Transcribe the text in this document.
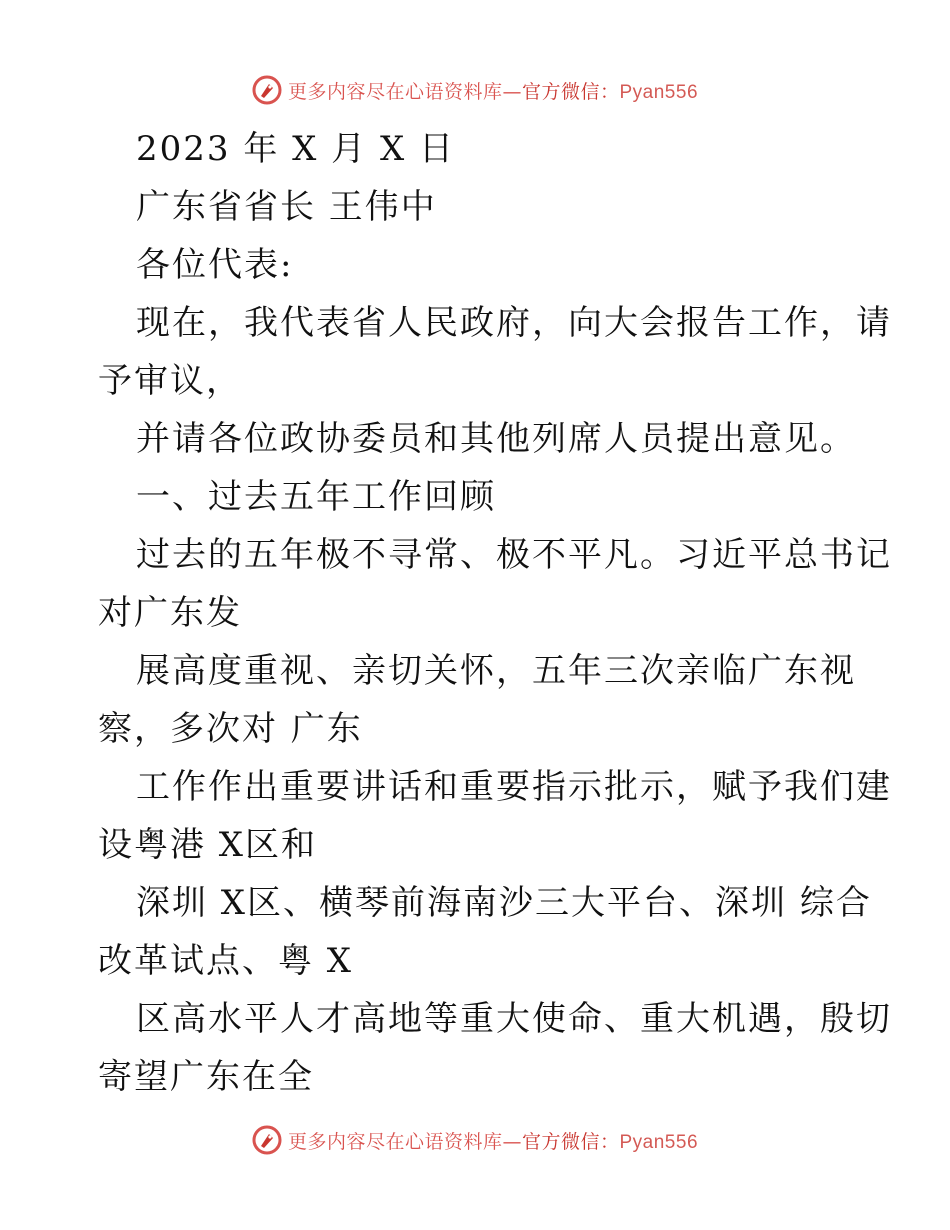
更多内容尽在心语资料库—官方微信：Pyan556
2023 年 X 月 X 日
广东省省长 王伟中
各位代表:
现在，我代表省人民政府，向大会报告工作，请
予审议，
并请各位政协委员和其他列席人员提出意见。
一、过去五年工作回顾
过去的五年极不寻常、极不平凡。习近平总书记
对广东发
展高度重视、亲切关怀，五年三次亲临广东视
察，多次对 广东
工作作出重要讲话和重要指示批示，赋予我们建
设粤港 X区和
深圳 X区、横琴前海南沙三大平台、深圳 综合
改革试点、粤 X
区高水平人才高地等重大使命、重大机遇，殷切
寄望广东在全
更多内容尽在心语资料库—官方微信：Pyan556
